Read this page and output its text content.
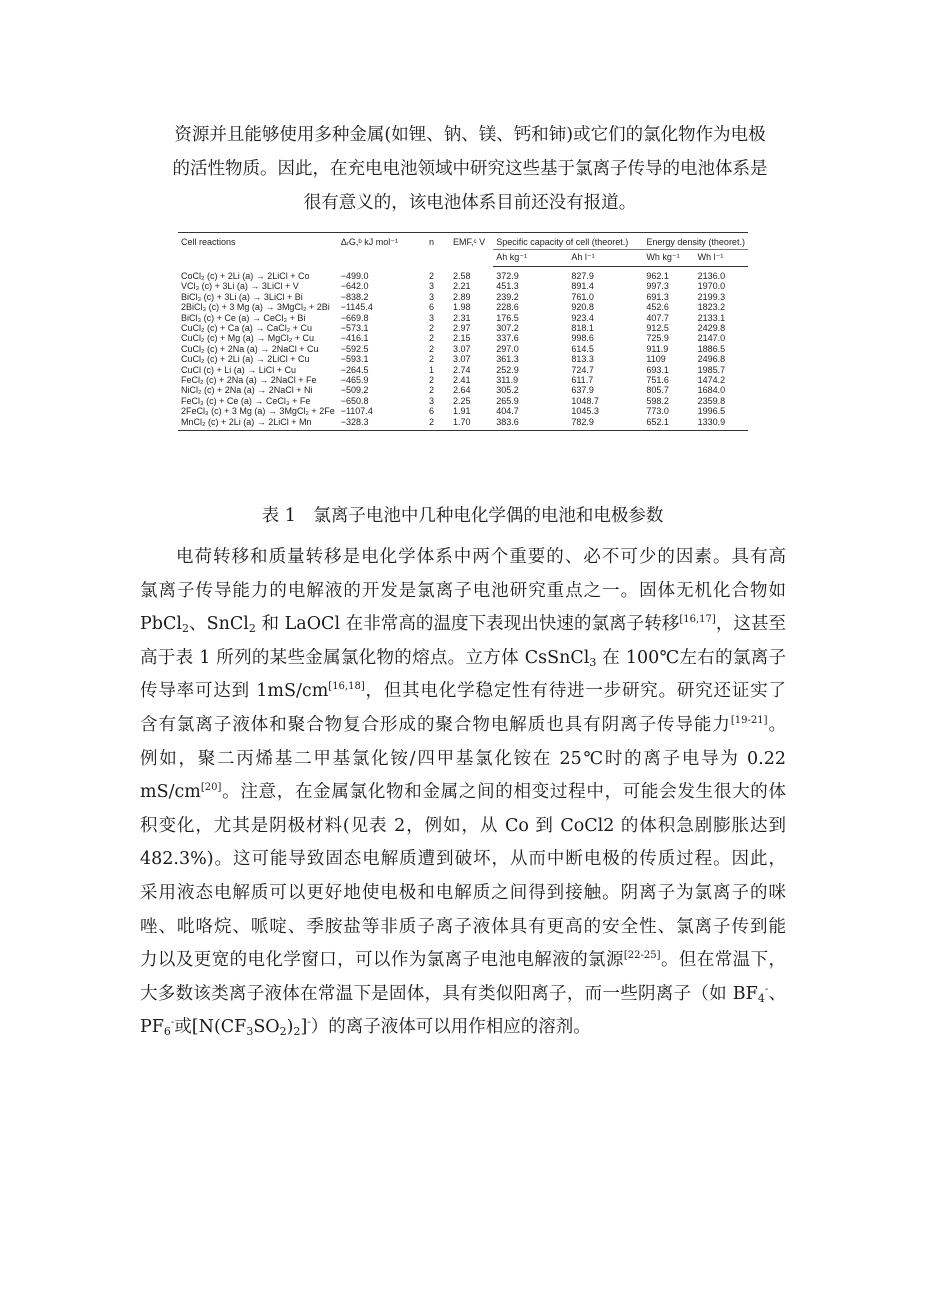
资源并且能够使用多种金属(如锂、钠、镁、钙和铈)或它们的氯化物作为电极
的活性物质。因此，在充电电池领域中研究这些基于氯离子传导的电池体系是
很有意义的，该电池体系目前还没有报道。
Cell reactions	ΔᵣG,ᵇ kJ mol⁻¹	n	EMF,ᶜ V	Specific capacity of cell (theoret.)		Energy density (theoret.)	
				Ah kg⁻¹	Ah l⁻¹	Wh kg⁻¹	Wh l⁻¹
CoCl₂ (c) + 2Li (a) → 2LiCl + Co	−499.0	2	2.58	372.9	827.9	962.1	2136.0
VCl₃ (c) + 3Li (a) → 3LiCl + V	−642.0	3	2.21	451.3	891.4	997.3	1970.0
BiCl₃ (c) + 3Li (a) → 3LiCl + Bi	−838.2	3	2.89	239.2	761.0	691.3	2199.3
2BiCl₃ (c) + 3 Mg (a) → 3MgCl₂ + 2Bi	−1145.4	6	1.98	228.6	920.8	452.6	1823.2
BiCl₃ (c) + Ce (a) → CeCl₃ + Bi	−669.8	3	2.31	176.5	923.4	407.7	2133.1
CuCl₂ (c) + Ca (a) → CaCl₂ + Cu	−573.1	2	2.97	307.2	818.1	912.5	2429.8
CuCl₂ (c) + Mg (a) → MgCl₂ + Cu	−416.1	2	2.15	337.6	998.6	725.9	2147.0
CuCl₂ (c) + 2Na (a) → 2NaCl + Cu	−592.5	2	3.07	297.0	614.5	911.9	1886.5
CuCl₂ (c) + 2Li (a) → 2LiCl + Cu	−593.1	2	3.07	361.3	813.3	1109	2496.8
CuCl (c) + Li (a) → LiCl + Cu	−264.5	1	2.74	252.9	724.7	693.1	1985.7
FeCl₂ (c) + 2Na (a) → 2NaCl + Fe	−465.9	2	2.41	311.9	611.7	751.6	1474.2
NiCl₂ (c) + 2Na (a) → 2NaCl + Ni	−509.2	2	2.64	305.2	637.9	805.7	1684.0
FeCl₃ (c) + Ce (a) → CeCl₃ + Fe	−650.8	3	2.25	265.9	1048.7	598.2	2359.8
2FeCl₃ (c) + 3 Mg (a) → 3MgCl₂ + 2Fe	−1107.4	6	1.91	404.7	1045.3	773.0	1996.5
MnCl₂ (c) + 2Li (a) → 2LiCl + Mn	−328.3	2	1.70	383.6	782.9	652.1	1330.9
表 1　氯离子电池中几种电化学偶的电池和电极参数
电荷转移和质量转移是电化学体系中两个重要的、必不可少的因素。具有高
氯离子传导能力的电解液的开发是氯离子电池研究重点之一。固体无机化合物如
PbCl$_2$、SnCl$_2$ 和 LaOCl 在非常高的温度下表现出快速的氯离子转移[16,17]，这甚至
高于表 1 所列的某些金属氯化物的熔点。立方体 CsSnCl$_3$ 在 100℃左右的氯离子
传导率可达到 1mS/cm[16,18]，但其电化学稳定性有待进一步研究。研究还证实了
含有氯离子液体和聚合物复合形成的聚合物电解质也具有阴离子传导能力[19-21]。
例如，聚二丙烯基二甲基氯化铵/四甲基氯化铵在 25℃时的离子电导为 0.22
mS/cm[20]。注意，在金属氯化物和金属之间的相变过程中，可能会发生很大的体
积变化，尤其是阴极材料(见表 2，例如，从 Co 到 CoCl2 的体积急剧膨胀达到
482.3%)。这可能导致固态电解质遭到破坏，从而中断电极的传质过程。因此，
采用液态电解质可以更好地使电极和电解质之间得到接触。阴离子为氯离子的咪
唑、吡咯烷、哌啶、季胺盐等非质子离子液体具有更高的安全性、氯离子传到能
力以及更宽的电化学窗口，可以作为氯离子电池电解液的氯源[22-25]。但在常温下，
大多数该类离子液体在常温下是固体，具有类似阳离子，而一些阴离子（如 $BF_4^-$、
$PF_6^-$或$[N(CF_3SO_2)_2]^-$）的离子液体可以用作相应的溶剂。
